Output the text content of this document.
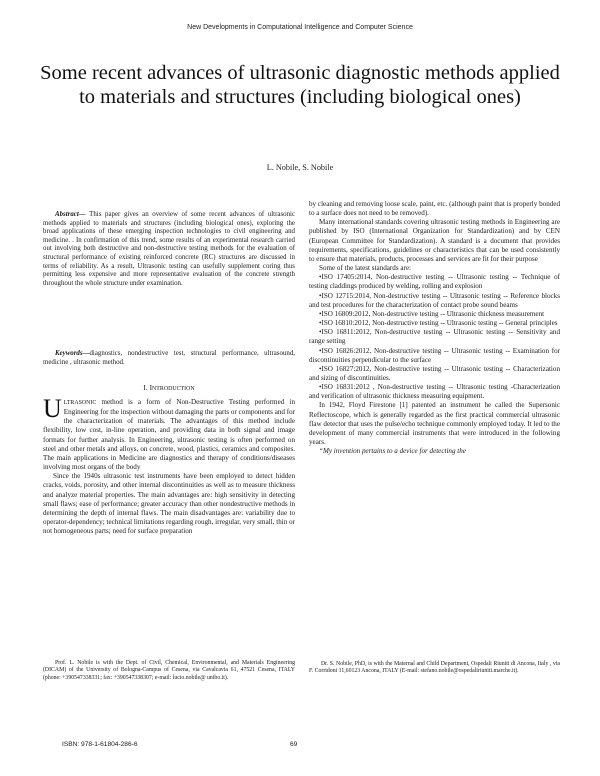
New Developments in Computational Intelligence and Computer Science
Some recent advances of ultrasonic diagnostic methods applied to materials and structures (including biological ones)
L. Nobile, S. Nobile

Abstract— This paper gives an overview of some recent advances of ultrasonic methods applied to materials and structures (including biological ones), exploring the broad applications of these emerging inspection technologies to civil engineering and medicine. . In confirmation of this trend, some results of an experimental research carried out involving both destructive and non-destructive testing methods for the evaluation of structural performance of existing reinforced concrete (RC) structures are discussed in terms of reliability. As a result, Ultrasonic testing can usefully supplement coring thus permitting less expensive and more representative evaluation of the concrete strength throughout the whole structure under examination.

Keywords—diagnostics, nondestructive test, structural performance, ultrasound, medicine , ultrasonic method.

I. INTRODUCTION

ULTRASONIC method is a form of Non-Destructive Testing performed in Engineering for the inspection without damaging the parts or components and for the characterization of materials. The advantages of this method include flexibility, low cost, in-line operation, and providing data in both signal and image formats for further analysis. In Engineering, ultrasonic testing is often performed on steel and other metals and alloys, on concrete, wood, plastics, ceramics and composites. The main applications in Medicine are diagnostics and therapy of conditions/diseases involving most organs of the body

Since the 1940s ultrasonic test instruments have been employed to detect hidden cracks, voids, porosity, and other internal discontinuities as well as to measure thickness and analyze material properties. The main advantages are: high sensitivity in detecting small flaws; ease of performance; greater accuracy than other nondestructive methods in determining the depth of internal flaws. The main disadvantages are: variability due to operator-dependency; technical limitations regarding rough, irregular, very small, thin or not homogeneous parts; need for surface preparation

by cleaning and removing loose scale, paint, etc. (although paint that is properly bonded to a surface does not need to be removed).

Many international standards covering ultrasonic testing methods in Engineering are published by ISO (International Organization for Standardization) and by CEN (European Committee for Standardization). A standard is a document that provides requirements, specifications, guidelines or characteristics that can be used consistently to ensure that materials, products, processes and services are fit for their purpose

Some of the latest standards are:

•ISO 17405:2014, Non-destructive testing -- Ultrasonic testing -- Technique of testing claddings produced by welding, rolling and explosion

•ISO 12715:2014, Non-destructive testing -- Ultrasonic testing -- Reference blocks and test procedures for the characterization of contact probe sound beams

•ISO 16809:2012, Non-destructive testing -- Ultrasonic thickness measurement

•ISO 16810:2012, Non-destructive testing -- Ultrasonic testing -- General principles

•ISO 16811:2012, Non-destructive testing -- Ultrasonic testing -- Sensitivity and range setting

•ISO 16826:2012, Non-destructive testing -- Ultrasonic testing -- Examination for discontinuities perpendicular to the surface

•ISO 16827:2012, Non-destructive testing -- Ultrasonic testing -- Characterization and sizing of discontinuities.

•ISO 16831:2012 , Non-destructive testing -- Ultrasonic testing -Characterization and verification of ultrasonic thickness measuring equipment.

In 1942, Floyd Firestone [1] patented an instrument he called the Supersonic Reflectoscope, which is generally regarded as the first practical commercial ultrasonic flaw detector that uses the pulse/echo technique commonly employed today. It led to the development of many commercial instruments that were introduced in the following years.

“My invention pertains to a device for detecting the

Prof. L. Nobile is with the Dept. of Civil, Chemical, Environmental, and Materials Engineering (DICAM) of the University of Bologna-Campus of Cesena, via Cavalcavia 61, 47521 Cesena, ITALY (phone: +390547338331; fax: +390547338307; e-mail: lucio.nobile@ unibo.it).
Dr. S. Nobile, PhD, is with the Maternal and Child Department, Ospedali Riuniti di Ancona, Italy , via F. Corridoni 11,60123 Ancona, ITALY (E-mail: stefano.nobile@ospedaliriuniti.marche.it).
ISBN: 978-1-61804-286-6	69
